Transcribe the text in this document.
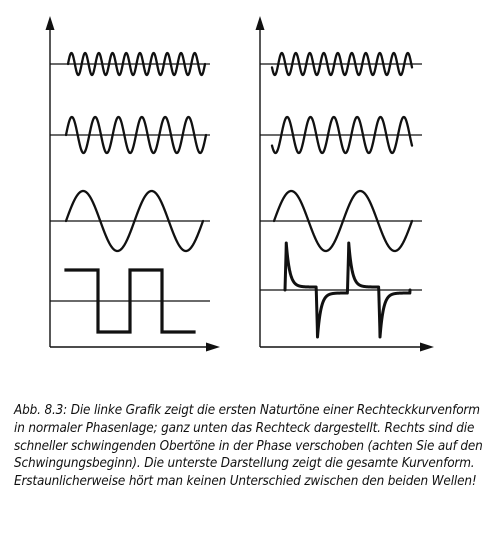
Abb. 8.3: Die linke Grafik zeigt die ersten Naturtöne einer Rechteckkurvenform in normaler Phasenlage; ganz unten das Rechteck dargestellt. Rechts sind die schneller schwingenden Obertöne in der Phase verschoben (achten Sie auf den Schwingungsbeginn). Die unterste Darstellung zeigt die gesamte Kurvenform. Erstaunlicherweise hört man keinen Unterschied zwischen den beiden Wellen!
